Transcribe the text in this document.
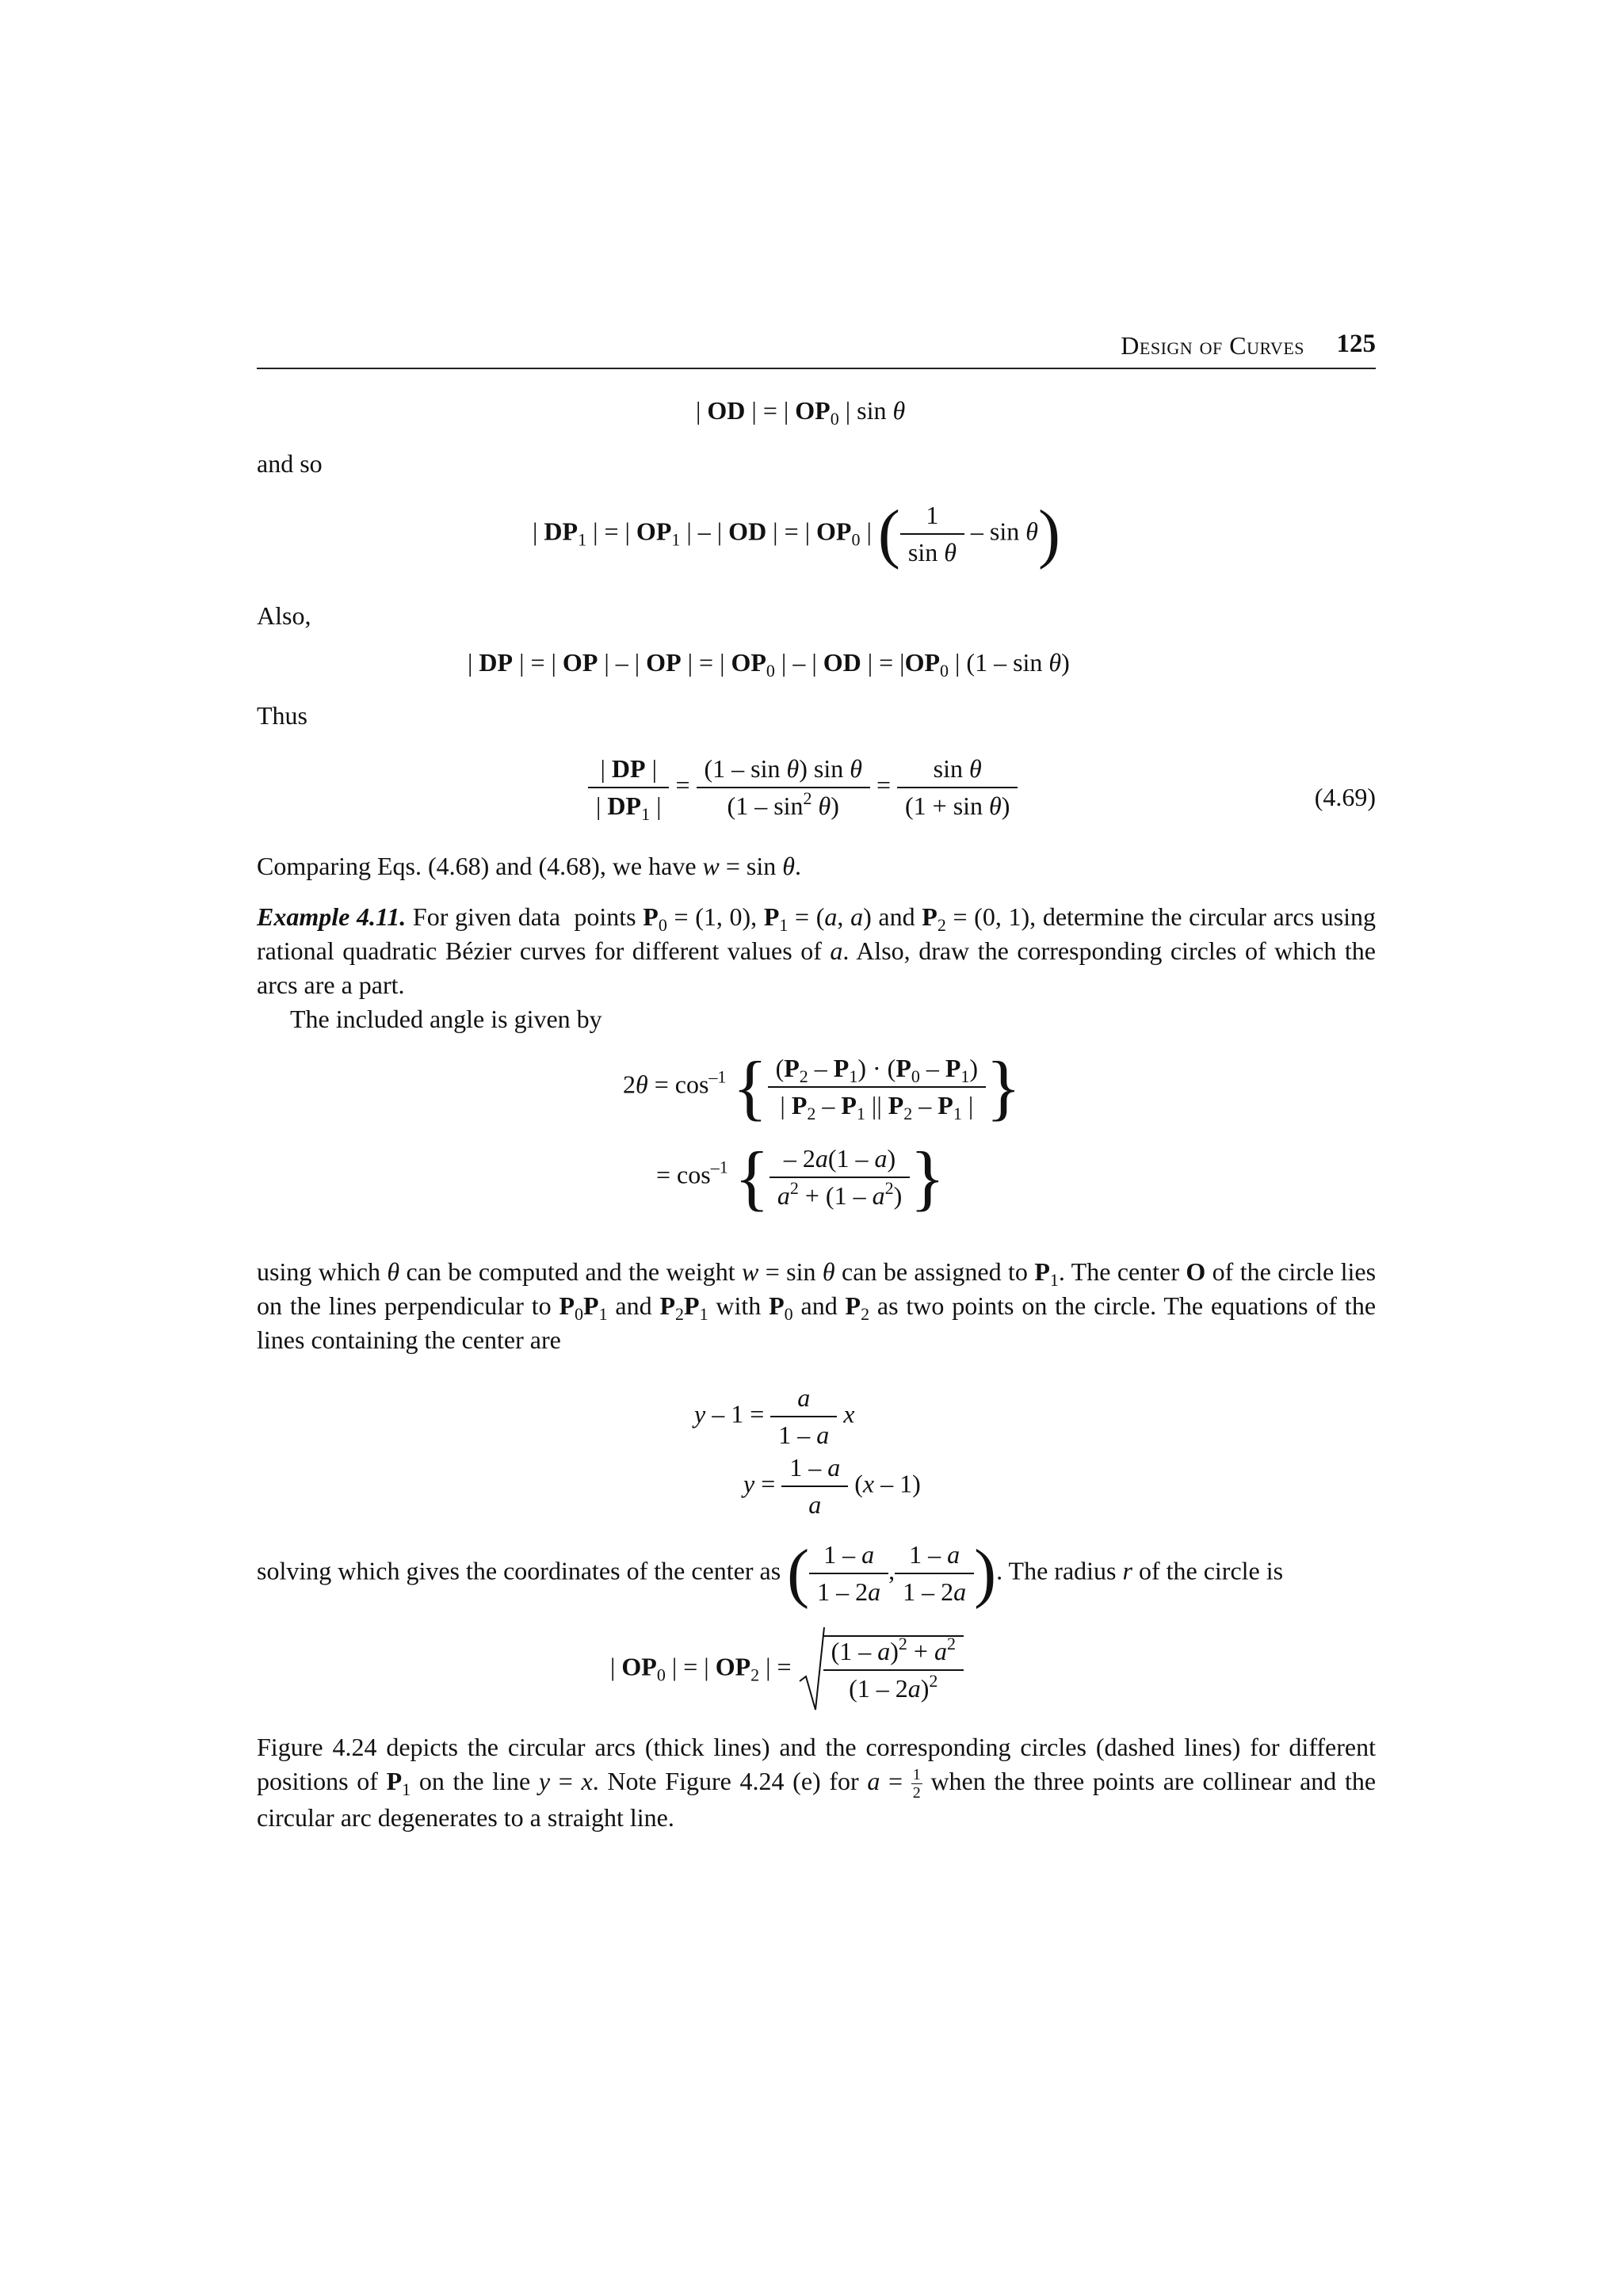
Design of Curves 125
| OD | = | $OP_0$ | sin θ
and so
| $DP_1$ | = | $OP_1$ | – | OD | = | $OP_0$ | ( $\frac{1}{\text{sin θ}}$ – sin θ)
Also,
| DP | = | OP | – | OP | = | $OP_0$ | – | OD | = $|OP_0$ | (1 – sin θ)
Thus
$\frac{| DP |}{| DP_1 |} = \frac{\text{(1 – sin θ) sin θ}}{(1 - \sin^2 \theta)} = \frac{\text{sin θ}}{\text{(1 + sin θ)}}$	(4.69)
Comparing Eqs. (4.68) and (4.68), we have w = sin θ.
Example 4.11. For given data  points $P_0 = (1$, 0), $P_1 = (a$, a) and $P_2 = (0$, 1), determine the circular arcs using rational quadratic Bézier curves for different values of a. Also, draw the corresponding circles of which the arcs are a part.
The included angle is given by
$2\theta = \cos^{-1}$ { $\frac{(P_2 - P_1) \cdot (P_0 - P_1)}{| P_2 - P_1 || P_2 - P_1 |}$ }
= $\cos^{-1}$ { $\frac{- 2a(1 - a)}{a^2 + (1 - a^2)}$ }
using which θ can be computed and the weight w = sin θ can be assigned to $P_1$. The center O of the circle lies on the lines perpendicular to $P_0P_1$ and $P_2P_1$ with $P_0$ and $P_2$ as two points on the circle. The equations of the lines containing the center are
$y - 1 = \frac{a}{1 - a}$ x
$y = \frac{1 - a}{a} (x - 1)$
solving which gives the coordinates of the center as ( $\frac{1 - a}{1 - 2a}$ , $\frac{1 - a}{1 - 2a}$ ). The radius r of the circle is
| $OP_0$ | = | $OP_2$ | = $\frac{(1 - a)^2 + a^2}{(1 - 2a)^2}$
Figure 4.24 depicts the circular arcs (thick lines) and the corresponding circles (dashed lines) for different positions of $P_1$ on the line y = x. Note Figure 4.24 (e) for $a = \frac{1}{2}$ when the three points are collinear and the circular arc degenerates to a straight line.
